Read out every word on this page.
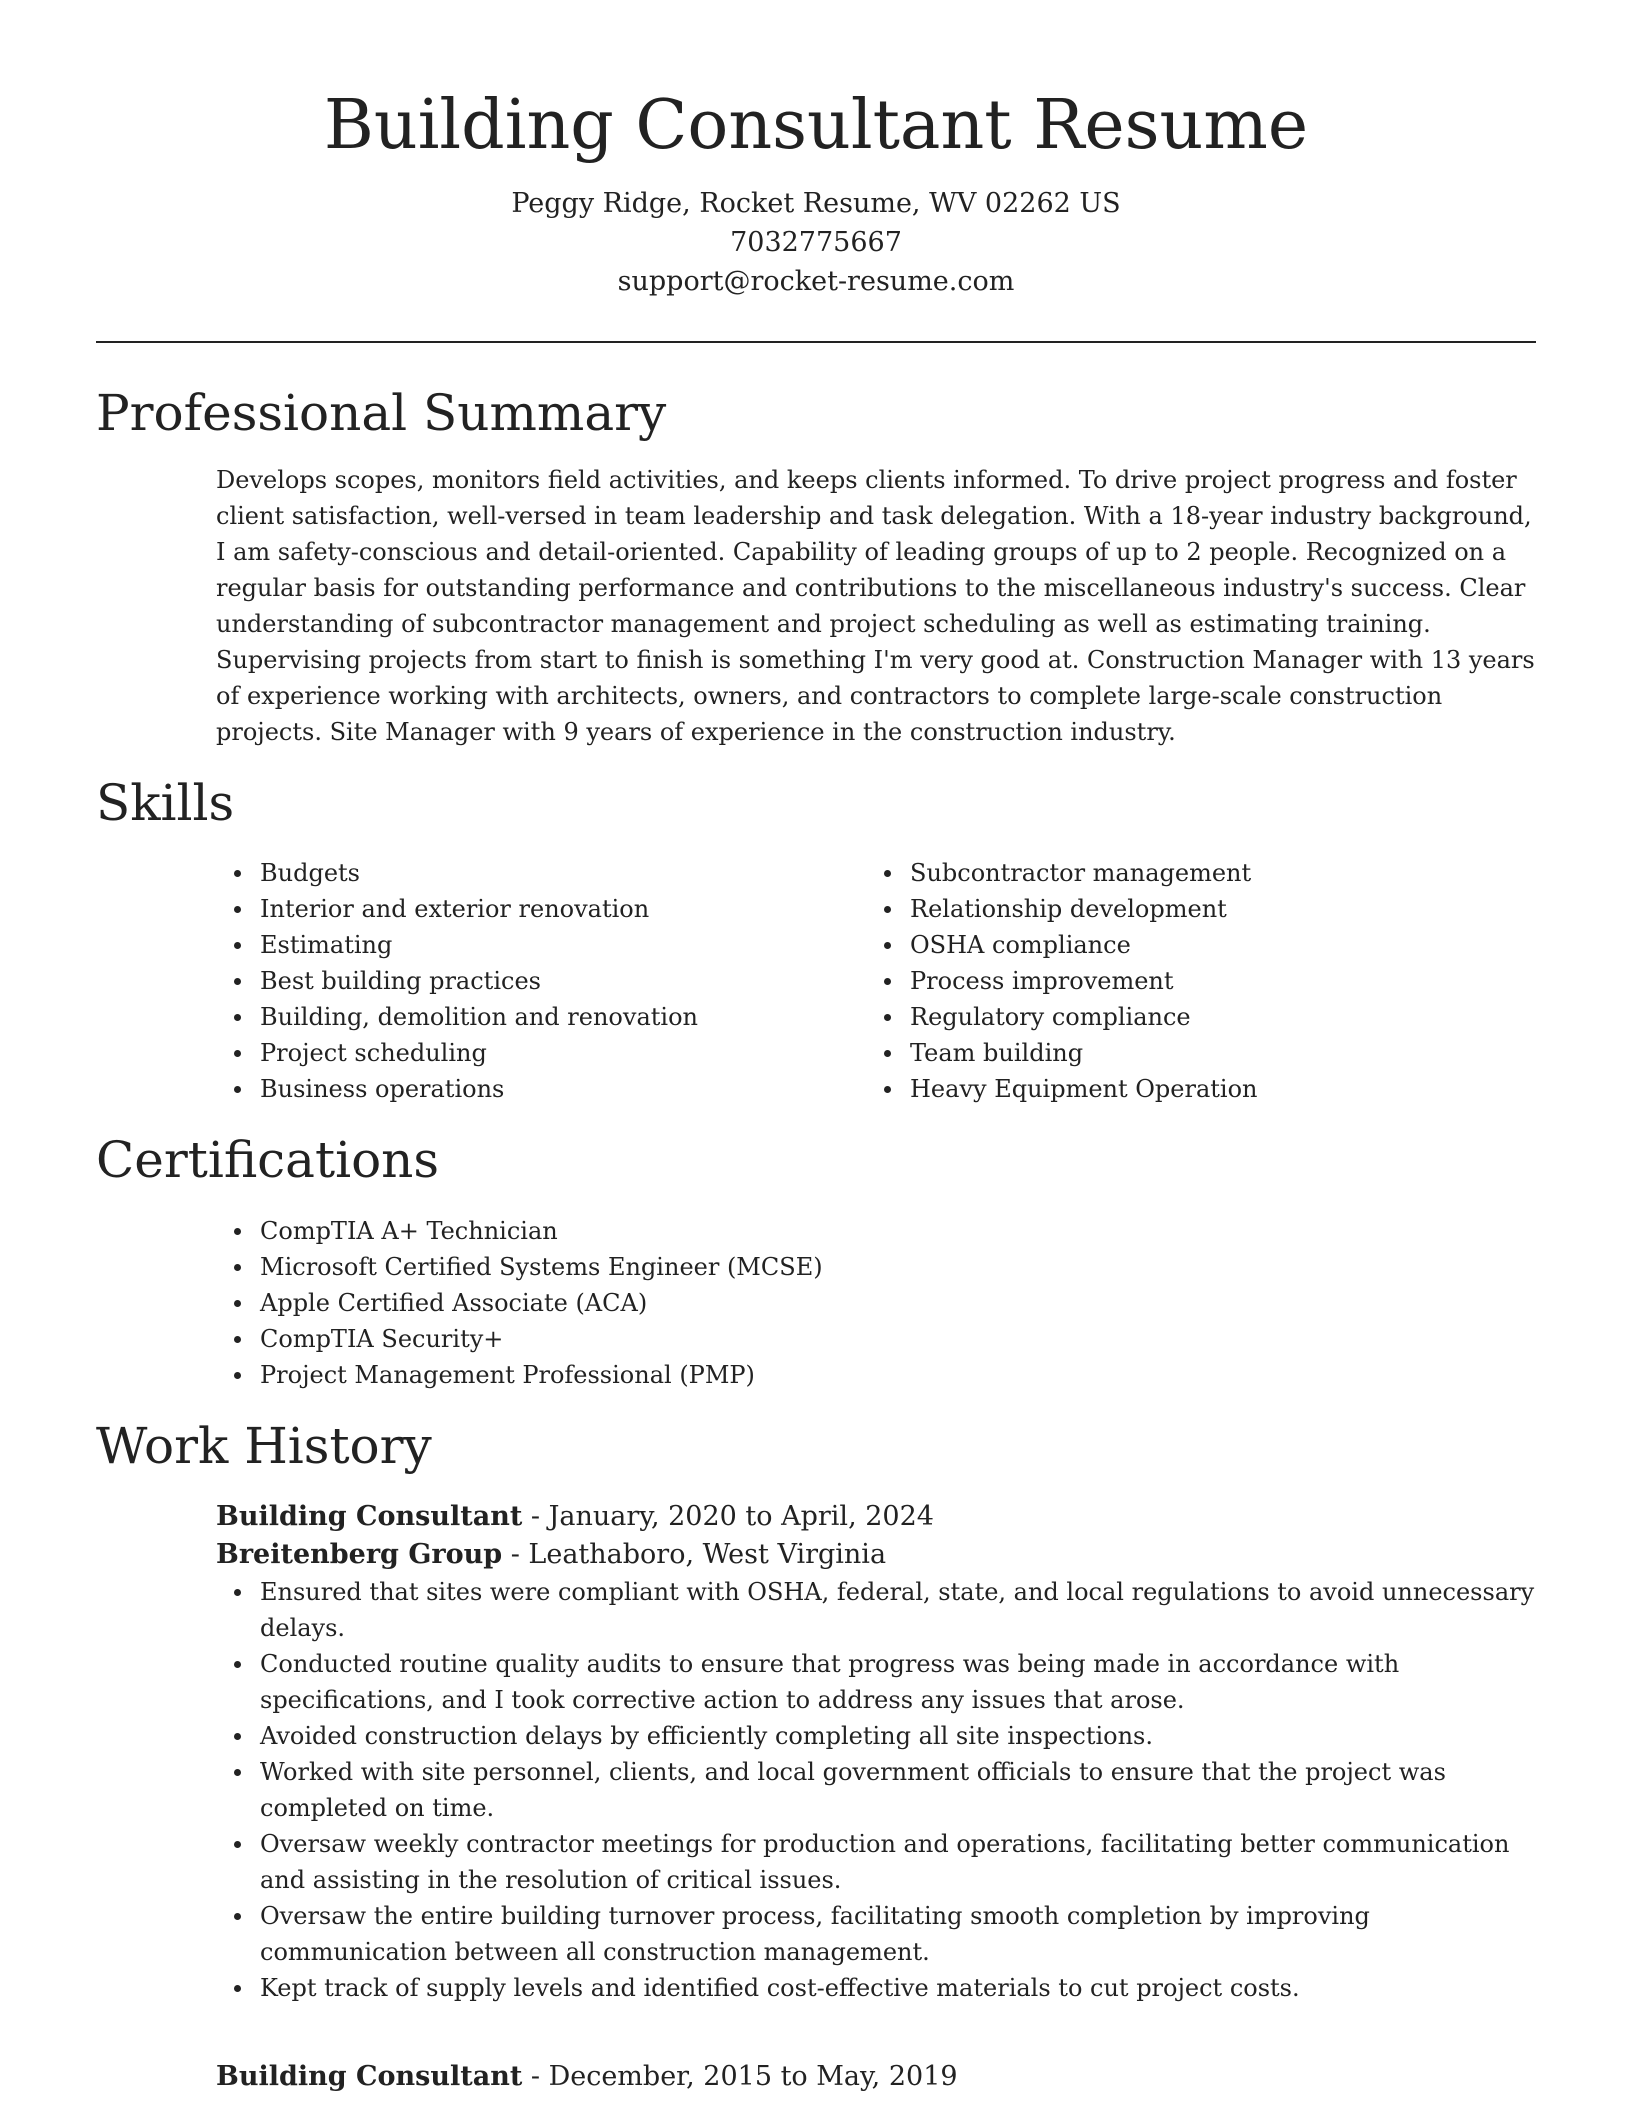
Building Consultant Resume
Peggy Ridge, Rocket Resume, WV 02262 US
7032775667
support@rocket-resume.com
Professional Summary

Develops scopes, monitors field activities, and keeps clients informed. To drive project progress and foster client satisfaction, well-versed in team leadership and task delegation. With a 18-year industry background, I am safety-conscious and detail-oriented. Capability of leading groups of up to 2 people. Recognized on a regular basis for outstanding performance and contributions to the miscellaneous industry's success. Clear understanding of subcontractor management and project scheduling as well as estimating training. Supervising projects from start to finish is something I'm very good at. Construction Manager with 13 years of experience working with architects, owners, and contractors to complete large-scale construction projects. Site Manager with 9 years of experience in the construction industry.

Skills
Budgets
Interior and exterior renovation
Estimating
Best building practices
Building, demolition and renovation
Project scheduling
Business operations
Subcontractor management
Relationship development
OSHA compliance
Process improvement
Regulatory compliance
Team building
Heavy Equipment Operation
Certifications
CompTIA A+ Technician
Microsoft Certified Systems Engineer (MCSE)
Apple Certified Associate (ACA)
CompTIA Security+
Project Management Professional (PMP)
Work History
Building Consultant - January, 2020 to April, 2024
Breitenberg Group - Leathaboro, West Virginia
Ensured that sites were compliant with OSHA, federal, state, and local regulations to avoid unnecessary delays.
Conducted routine quality audits to ensure that progress was being made in accordance with specifications, and I took corrective action to address any issues that arose.
Avoided construction delays by efficiently completing all site inspections.
Worked with site personnel, clients, and local government officials to ensure that the project was completed on time.
Oversaw weekly contractor meetings for production and operations, facilitating better communication and assisting in the resolution of critical issues.
Oversaw the entire building turnover process, facilitating smooth completion by improving communication between all construction management.
Kept track of supply levels and identified cost-effective materials to cut project costs.
Building Consultant - December, 2015 to May, 2019
